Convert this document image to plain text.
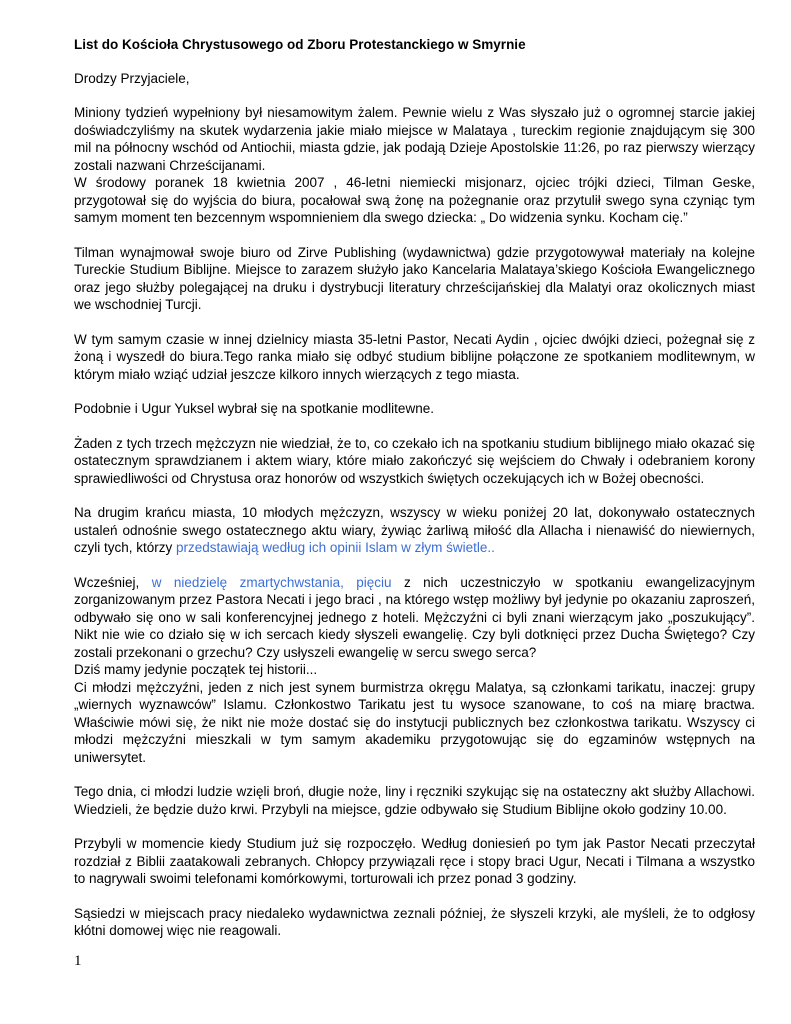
List do Kościoła Chrystusowego od Zboru Protestanckiego w Smyrnie
Drodzy Przyjaciele,

Miniony tydzień wypełniony był niesamowitym żalem. Pewnie wielu z Was słyszało już o ogromnej starcie jakiej doświadczyliśmy na skutek wydarzenia jakie miało miejsce w Malataya , tureckim regionie znajdującym się 300 mil na północny wschód od Antiochii, miasta gdzie, jak podają Dzieje Apostolskie 11:26, po raz pierwszy wierzący zostali nazwani Chrześcijanami.

W środowy poranek 18 kwietnia 2007 , 46-letni niemiecki misjonarz, ojciec trójki dzieci, Tilman Geske, przygotował się do wyjścia do biura, pocałował swą żonę na pożegnanie oraz przytulił swego syna czyniąc tym samym moment ten bezcennym wspomnieniem dla swego dziecka: „ Do widzenia synku. Kocham cię.”

Tilman wynajmował swoje biuro od Zirve Publishing (wydawnictwa) gdzie przygotowywał materiały na kolejne Tureckie Studium Biblijne. Miejsce to zarazem służyło jako Kancelaria Malataya’skiego Kościoła Ewangelicznego oraz jego służby polegającej na druku i dystrybucji literatury chrześcijańskiej dla Malatyi oraz okolicznych miast we wschodniej Turcji.

W tym samym czasie w innej dzielnicy miasta 35-letni Pastor, Necati Aydin , ojciec dwójki dzieci, pożegnał się z żoną i wyszedł do biura.Tego ranka miało się odbyć studium biblijne połączone ze spotkaniem modlitewnym, w którym miało wziąć udział jeszcze kilkoro innych wierzących z tego miasta.

Podobnie i Ugur Yuksel wybrał się na spotkanie modlitewne.

Żaden z tych trzech mężczyzn nie wiedział, że to, co czekało ich na spotkaniu studium biblijnego miało okazać się ostatecznym sprawdzianem i aktem wiary, które miało zakończyć się wejściem do Chwały i odebraniem korony sprawiedliwości od Chrystusa oraz honorów od wszystkich świętych oczekujących ich w Bożej obecności.

Na drugim krańcu miasta, 10 młodych mężczyzn, wszyscy w wieku poniżej 20 lat, dokonywało ostatecznych ustaleń odnośnie swego ostatecznego aktu wiary, żywiąc żarliwą miłość dla Allacha i nienawiść do niewiernych, czyli tych, którzy przedstawiają według ich opinii Islam w złym świetle..

Wcześniej, w niedzielę zmartychwstania, pięciu z nich uczestniczyło w spotkaniu ewangelizacyjnym zorganizowanym przez Pastora Necati i jego braci , na którego wstęp możliwy był jedynie po okazaniu zaproszeń, odbywało się ono w sali konferencyjnej jednego z hoteli. Mężczyźni ci byli znani wierzącym jako „poszukujący”. Nikt nie wie co działo się w ich sercach kiedy słyszeli ewangelię. Czy byli dotknięci przez Ducha Świętego? Czy zostali przekonani o grzechu? Czy usłyszeli ewangelię w sercu swego serca?

Dziś mamy jedynie początek tej historii...

Ci młodzi mężczyźni, jeden z nich jest synem burmistrza okręgu Malatya, są członkami tarikatu, inaczej: grupy „wiernych wyznawców” Islamu. Członkostwo Tarikatu jest tu wysoce szanowane, to coś na miarę bractwa. Właściwie mówi się, że nikt nie może dostać się do instytucji publicznych bez członkostwa tarikatu. Wszyscy ci młodzi mężczyźni mieszkali w tym samym akademiku przygotowując się do egzaminów wstępnych na uniwersytet.

Tego dnia, ci młodzi ludzie wzięli broń, długie noże, liny i ręczniki szykując się na ostateczny akt służby Allachowi. Wiedzieli, że będzie dużo krwi. Przybyli na miejsce, gdzie odbywało się Studium Biblijne około godziny 10.00.

Przybyli w momencie kiedy Studium już się rozpoczęło. Według doniesień po tym jak Pastor Necati przeczytał rozdział z Biblii zaatakowali zebranych. Chłopcy przywiązali ręce i stopy braci Ugur, Necati i Tilmana a wszystko to nagrywali swoimi telefonami komórkowymi, torturowali ich przez ponad 3 godziny.

Sąsiedzi w miejscach pracy niedaleko wydawnictwa zeznali później, że słyszeli krzyki, ale myśleli, że to odgłosy kłótni domowej więc nie reagowali.

1
